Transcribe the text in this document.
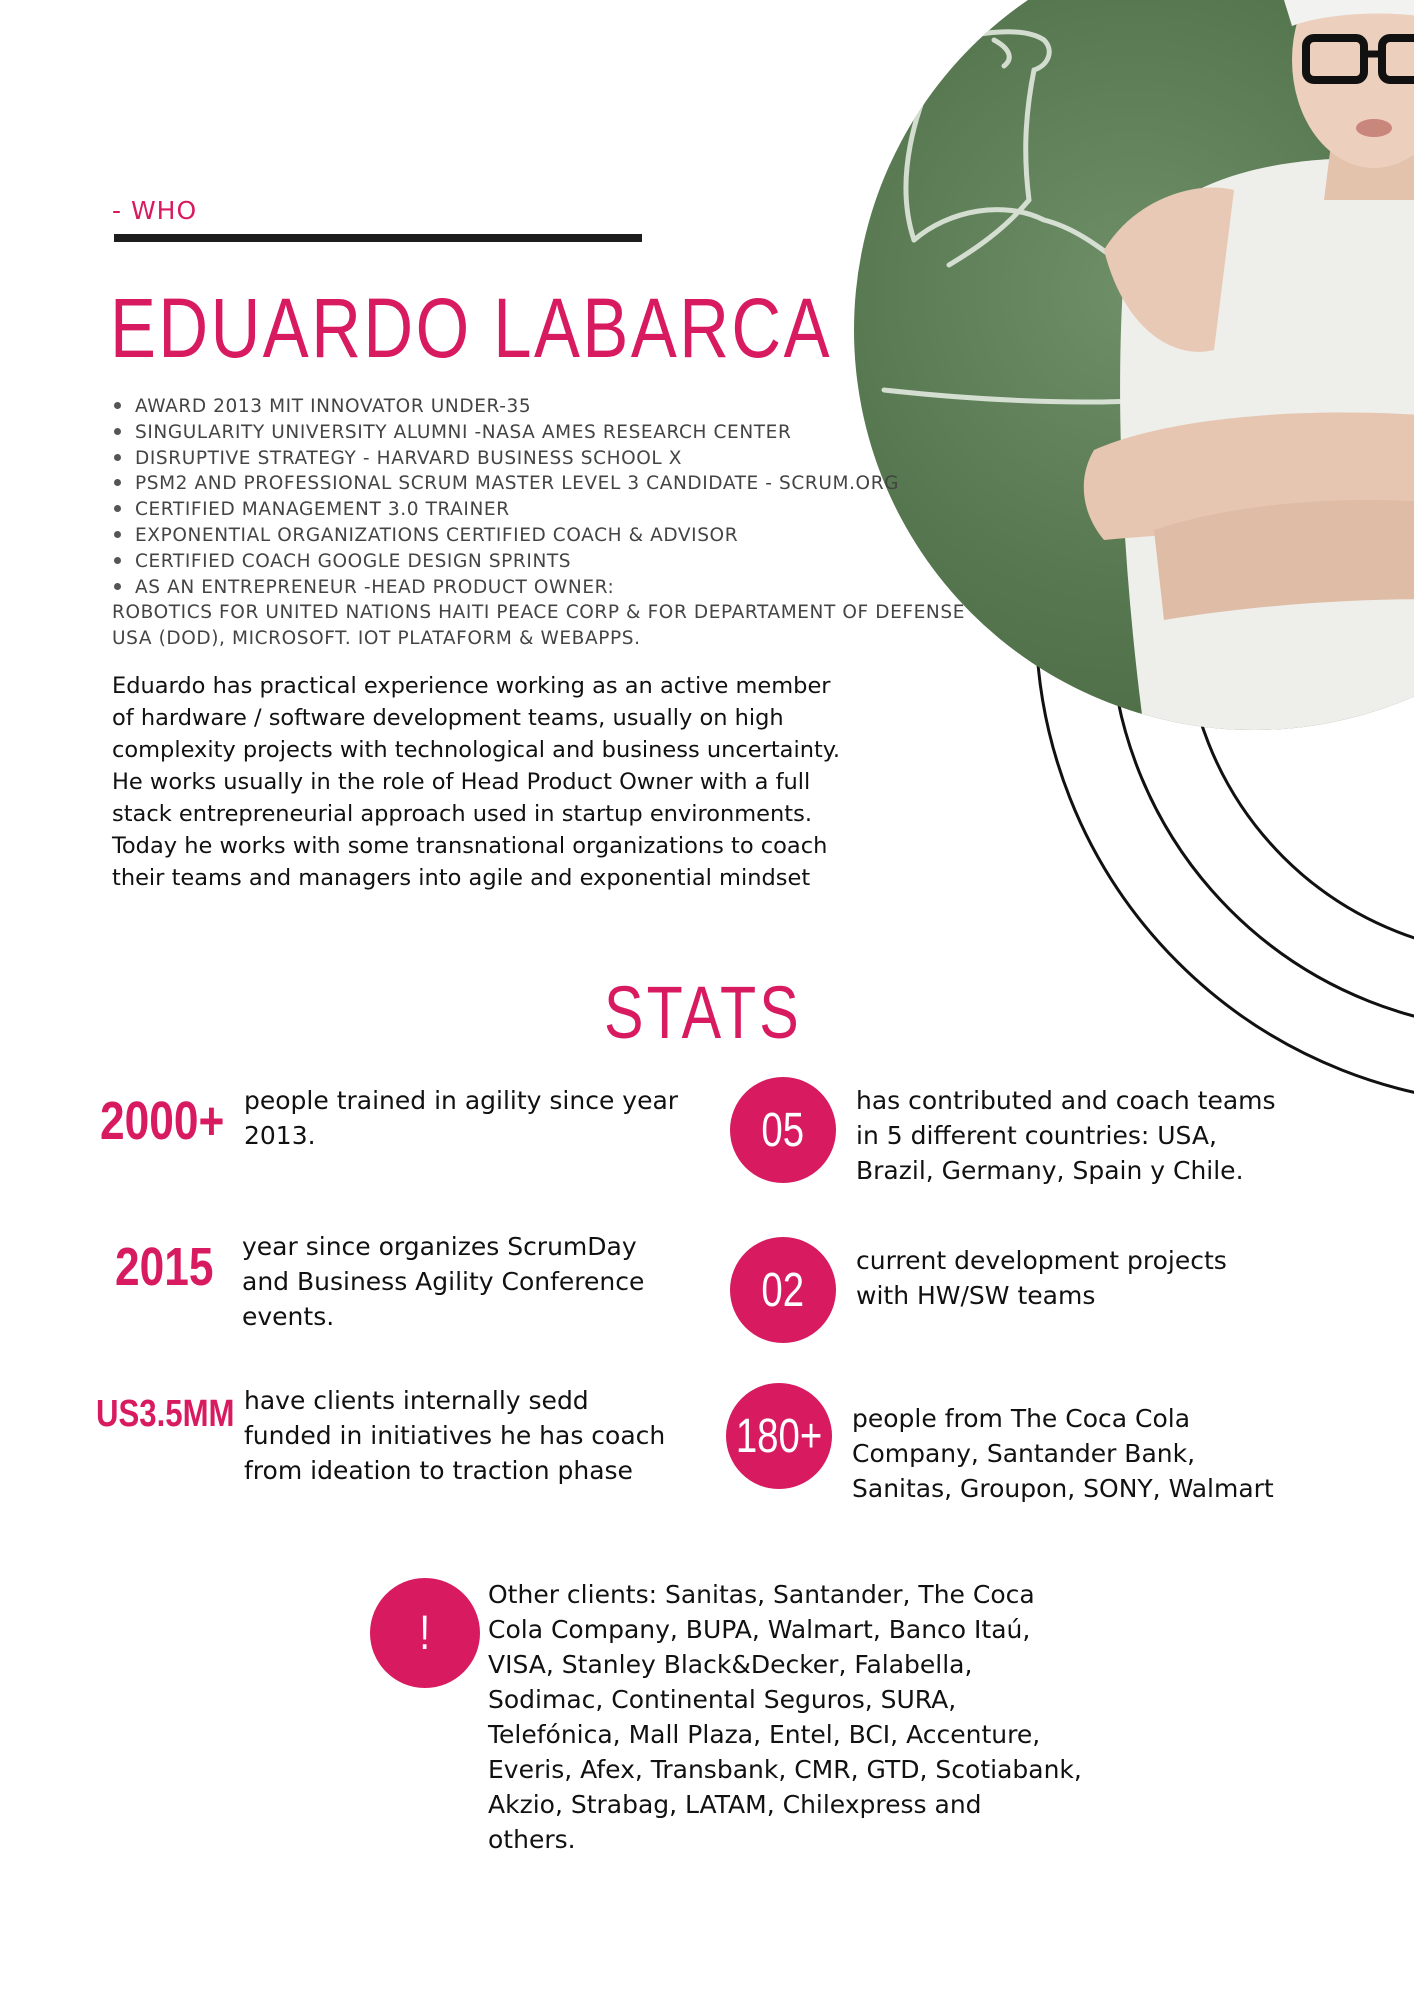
- WHO
EDUARDO LABARCA
AWARD 2013 MIT INNOVATOR UNDER-35
SINGULARITY UNIVERSITY ALUMNI -NASA AMES RESEARCH CENTER
DISRUPTIVE STRATEGY - HARVARD BUSINESS SCHOOL X
PSM2 AND PROFESSIONAL SCRUM MASTER LEVEL 3 CANDIDATE - SCRUM.ORG
CERTIFIED MANAGEMENT 3.0 TRAINER
EXPONENTIAL ORGANIZATIONS CERTIFIED COACH & ADVISOR
CERTIFIED COACH GOOGLE DESIGN SPRINTS
AS AN ENTREPRENEUR -HEAD PRODUCT OWNER:
ROBOTICS FOR UNITED NATIONS HAITI PEACE CORP & FOR DEPARTAMENT OF DEFENSE
USA (DOD), MICROSOFT. IOT PLATAFORM & WEBAPPS.
Eduardo has practical experience working as an active member
of hardware / software development teams, usually on high
complexity projects with technological and business uncertainty.
He works usually in the role of Head Product Owner with a full
stack entrepreneurial approach used in startup environments.
Today he works with some transnational organizations to coach
their teams and managers into agile and exponential mindset
STATS
2000+ people trained in agility since year
2013.
2015 year since organizes ScrumDay
and Business Agility Conference
events.
US3.5MM have clients internally sedd
funded in initiatives he has coach
from ideation to traction phase
05
has contributed and coach teams
in 5 different countries: USA,
Brazil, Germany, Spain y Chile.
02
current development projects
with HW/SW teams
180+ people from The Coca Cola
Company, Santander Bank,
Sanitas, Groupon, SONY, Walmart
!
Other clients: Sanitas, Santander, The Coca
Cola Company, BUPA, Walmart, Banco Itaú,
VISA, Stanley Black&Decker, Falabella,
Sodimac, Continental Seguros, SURA,
Telefónica, Mall Plaza, Entel, BCI, Accenture,
Everis, Afex, Transbank, CMR, GTD, Scotiabank,
Akzio, Strabag, LATAM, Chilexpress and
others.
